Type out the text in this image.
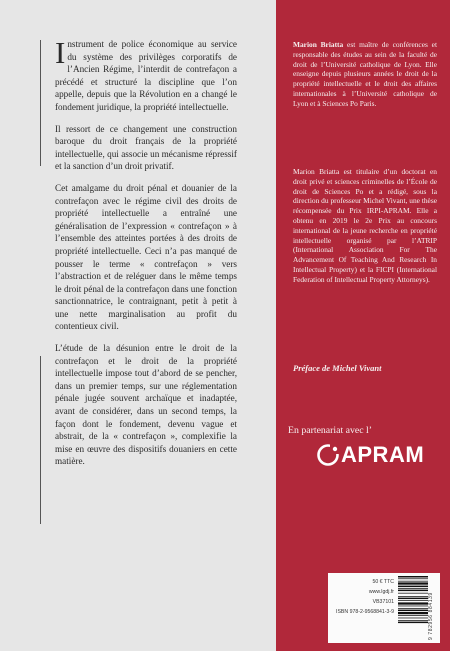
Instrument de police économique au service du système des privilèges corporatifs de l’Ancien Régime, l’interdit de contrefaçon a précédé et structuré la discipline que l’on appelle, depuis que la Révolution en a changé le fondement juridique, la propriété intellectuelle.

Il ressort de ce changement une construction baroque du droit français de la propriété intellectuelle, qui associe un mécanisme répressif et la sanction d’un droit privatif.

Cet amalgame du droit pénal et douanier de la contrefaçon avec le régime civil des droits de propriété intellectuelle a entraîné une généralisation de l’expression « contrefaçon » à l’ensemble des atteintes portées à des droits de propriété intellectuelle. Ceci n’a pas manqué de pousser le terme « contrefaçon » vers l’abstraction et de reléguer dans le même temps le droit pénal de la contrefaçon dans une fonction sanctionnatrice, le contraignant, petit à petit à une nette marginalisation au profit du contentieux civil.

L’étude de la désunion entre le droit de la contrefaçon et le droit de la propriété intellectuelle impose tout d’abord de se pencher, dans un premier temps, sur une réglementation pénale jugée souvent archaïque et inadaptée, avant de considérer, dans un second temps, la façon dont le fondement, devenu vague et abstrait, de la « contrefaçon », complexifie la mise en œuvre des dispositifs douaniers en cette matière.

Marion Briatta est maître de conférences et responsable des études au sein de la faculté de droit de l’Université catholique de Lyon. Elle enseigne depuis plusieurs années le droit de la propriété intellectuelle et le droit des affaires internationales à l’Université catholique de Lyon et à Sciences Po Paris.
Marion Briatta est titulaire d’un doctorat en droit privé et sciences criminelles de l’École de droit de Sciences Po et a rédigé, sous la direction du professeur Michel Vivant, une thèse récompensée du Prix IRPI-APRAM. Elle a obtenu en 2019 le 2e Prix au concours international de la jeune recherche en propriété intellectuelle organisé par l’ATRIP (International Association For The Advancement Of Teaching And Research In Intellectual Property) et la FICPI (International Federation of Intellectual Property Attorneys).
Préface de Michel Vivant
En partenariat avec l’
APRAM
50 € TTC
www.lgdj.fr
VB37101
ISBN 978-2-9568841-3-9	9 782956 884139
